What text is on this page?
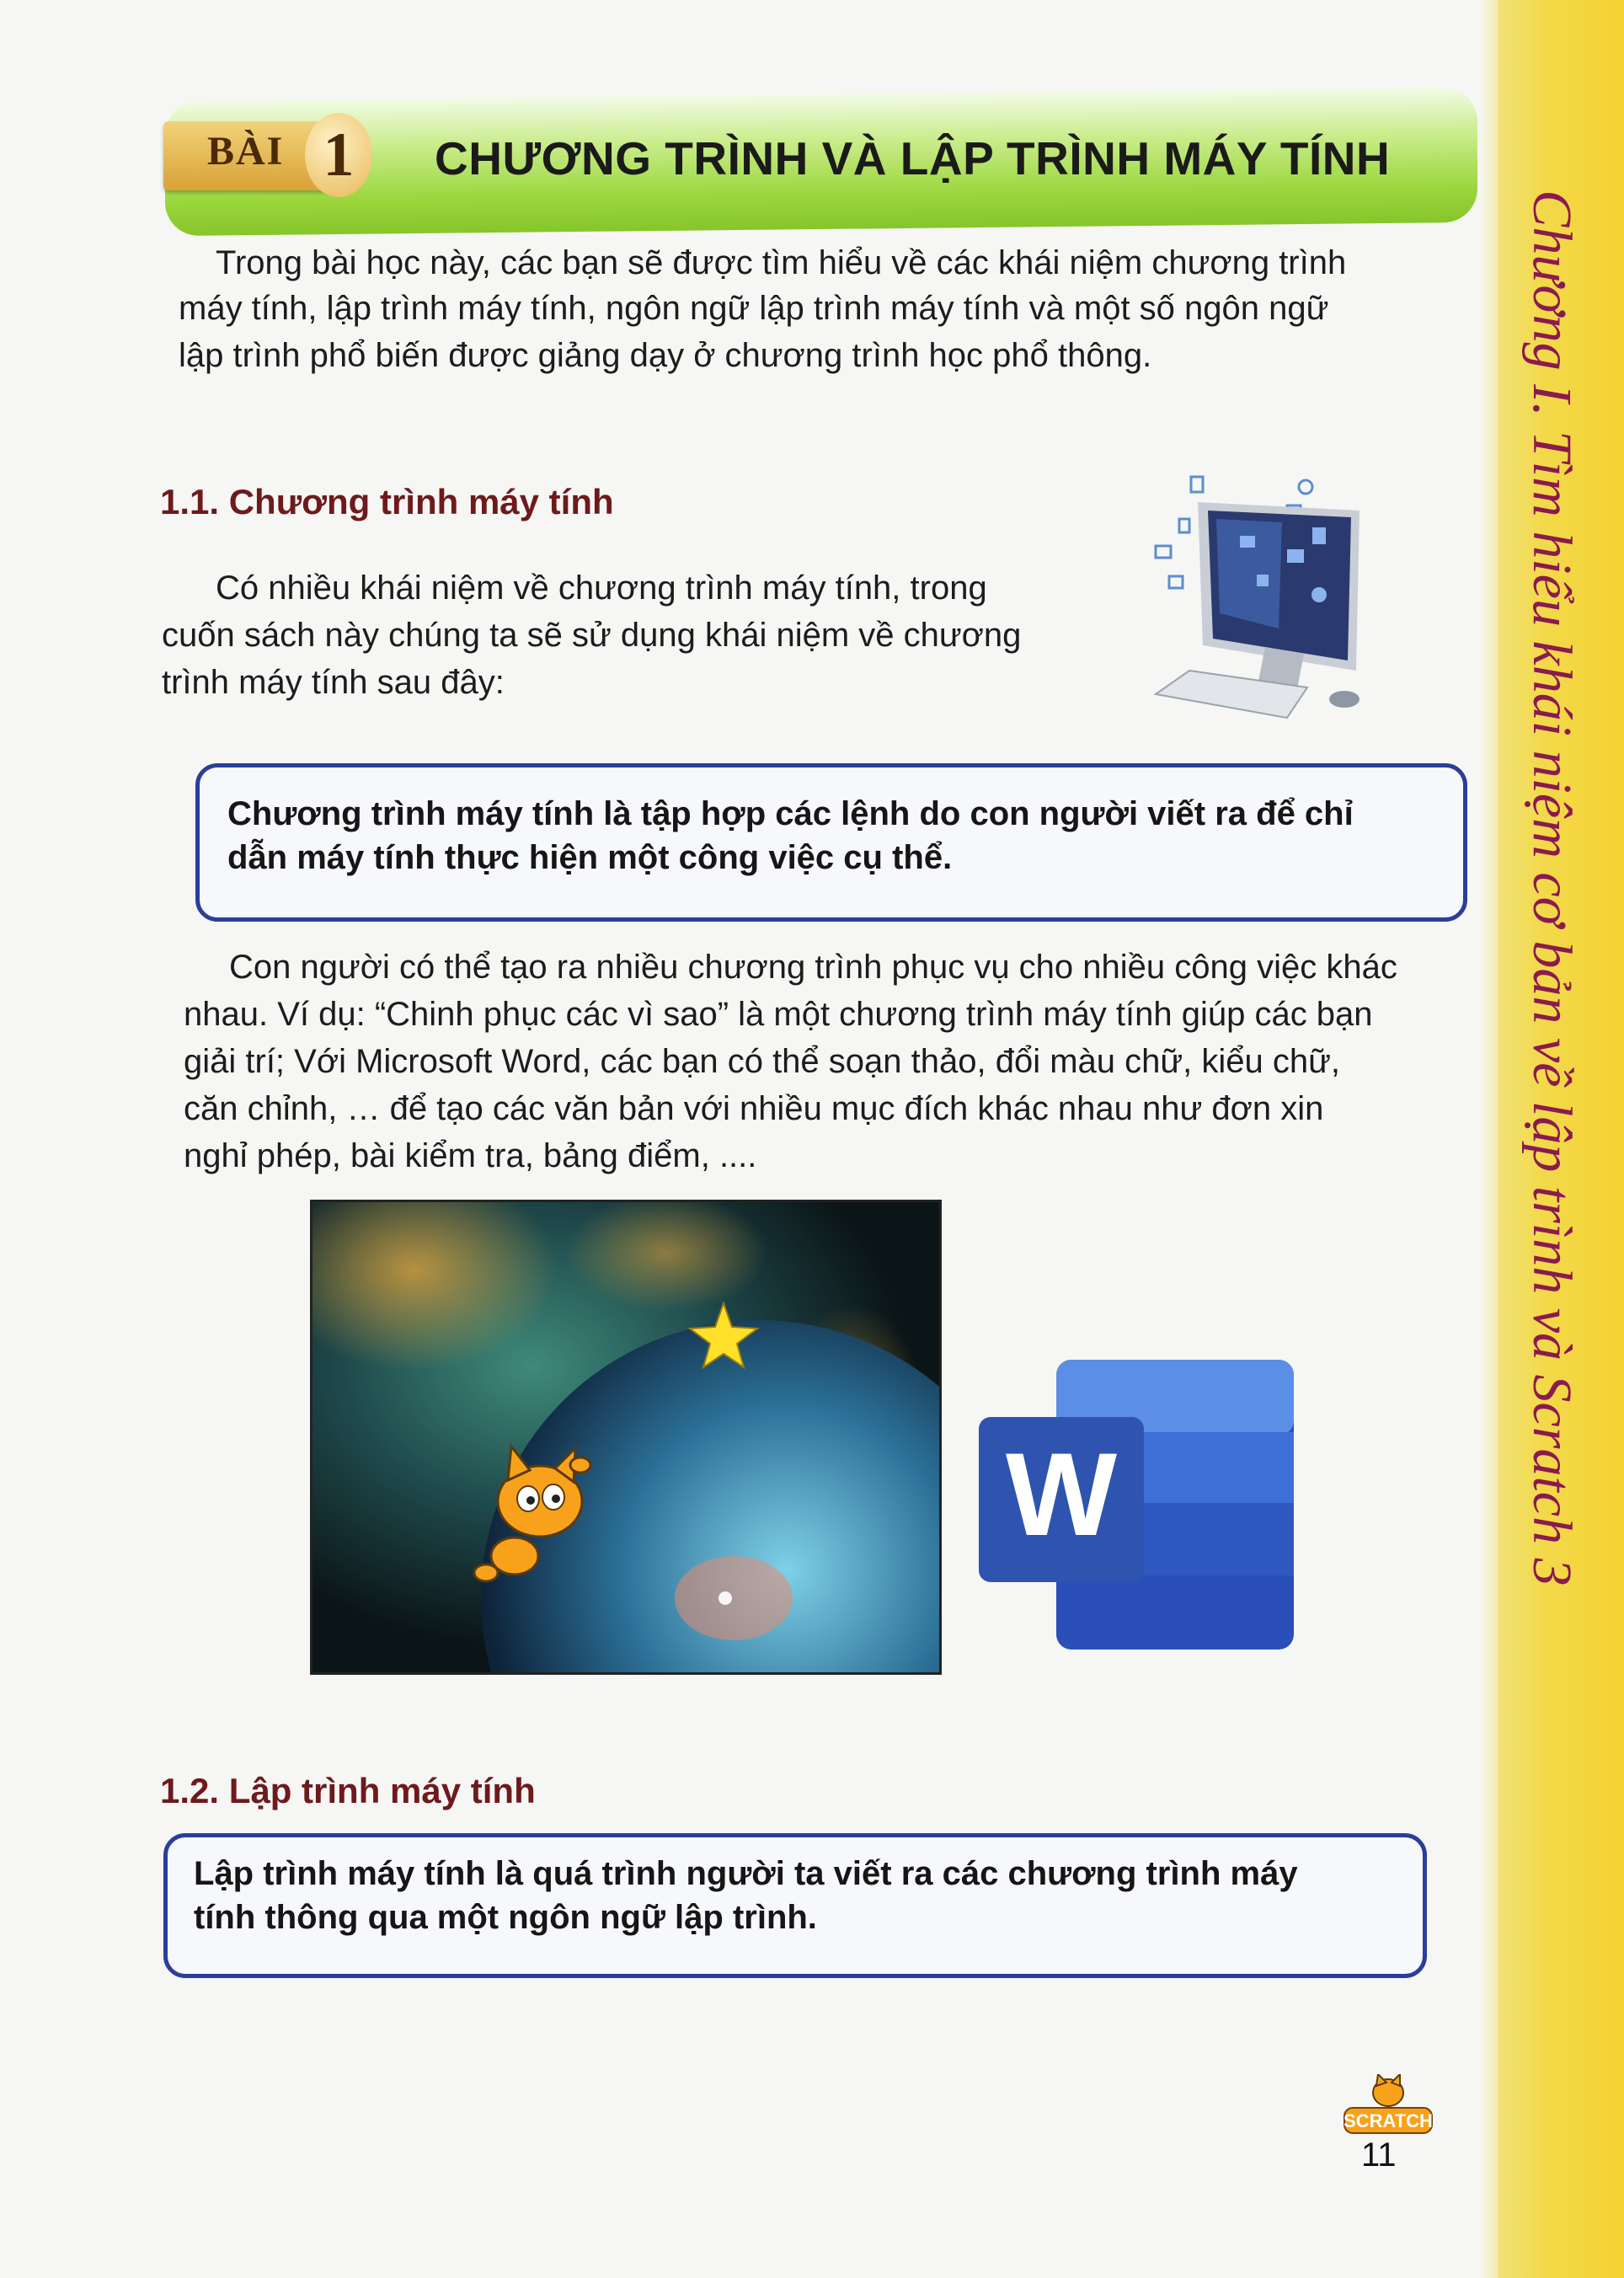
Chương I. Tìm hiểu khái niệm cơ bản về lập trình và Scratch 3
BÀI 1	CHƯƠNG TRÌNH VÀ LẬP TRÌNH MÁY TÍNH
Trong bài học này, các bạn sẽ được tìm hiểu về các khái niệm chương trình
máy tính, lập trình máy tính, ngôn ngữ lập trình máy tính và một số ngôn ngữ
lập trình phổ biến được giảng dạy ở chương trình học phổ thông.
1.1. Chương trình máy tính
Có nhiều khái niệm về chương trình máy tính, trong
cuốn sách này chúng ta sẽ sử dụng khái niệm về chương
trình máy tính sau đây:
Chương trình máy tính là tập hợp các lệnh do con người viết ra để chỉ
dẫn máy tính thực hiện một công việc cụ thể.
Con người có thể tạo ra nhiều chương trình phục vụ cho nhiều công việc khác
nhau. Ví dụ: “Chinh phục các vì sao” là một chương trình máy tính giúp các bạn
giải trí; Với Microsoft Word, các bạn có thể soạn thảo, đổi màu chữ, kiểu chữ,
căn chỉnh, … để tạo các văn bản với nhiều mục đích khác nhau như đơn xin
nghỉ phép, bài kiểm tra, bảng điểm, ....
W
1.2. Lập trình máy tính
Lập trình máy tính là quá trình người ta viết ra các chương trình máy
tính thông qua một ngôn ngữ lập trình.
SCRATCH
11
